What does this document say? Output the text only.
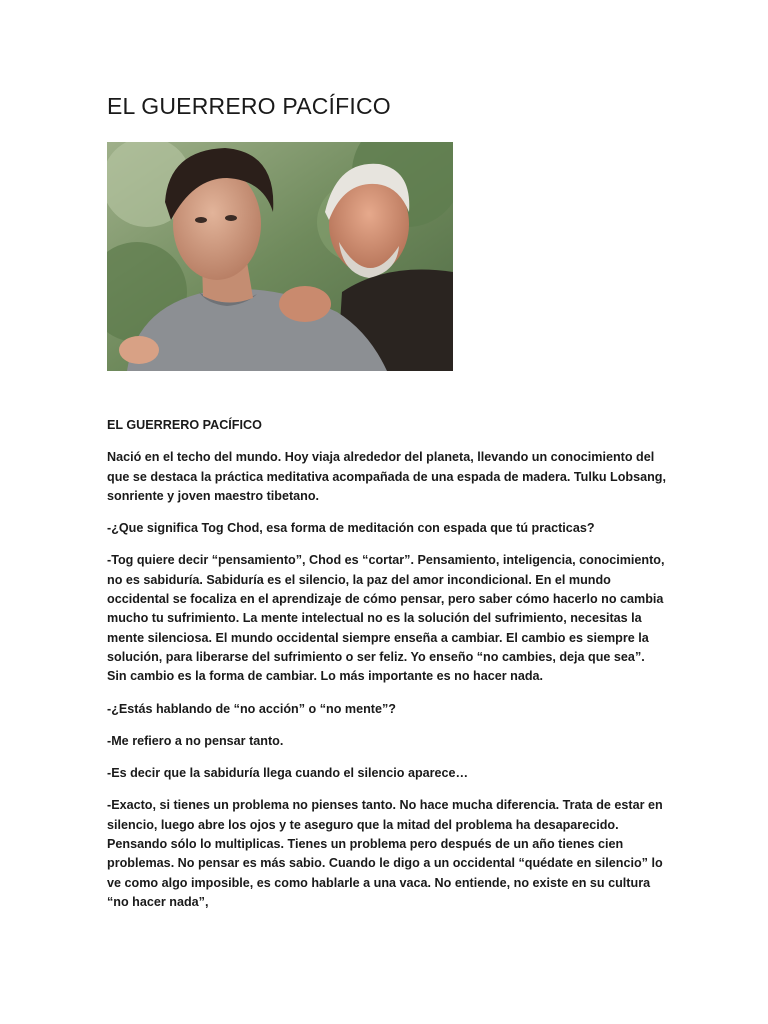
EL GUERRERO PACÍFICO

EL GUERRERO PACÍFICO

Nació en el techo del mundo. Hoy viaja alrededor del planeta, llevando un conocimiento del que se destaca la práctica meditativa acompañada de una espada de madera. Tulku Lobsang, sonriente y joven maestro tibetano.

-¿Que significa Tog Chod, esa forma de meditación con espada que tú practicas?

-Tog quiere decir “pensamiento”, Chod es “cortar”. Pensamiento, inteligencia, conocimiento, no es sabiduría. Sabiduría es el silencio, la paz del amor incondicional. En el mundo occidental se focaliza en el aprendizaje de cómo pensar, pero saber cómo hacerlo no cambia mucho tu sufrimiento. La mente intelectual no es la solución del sufrimiento, necesitas la mente silenciosa. El mundo occidental siempre enseña a cambiar. El cambio es siempre la solución, para liberarse del sufrimiento o ser feliz. Yo enseño “no cambies, deja que sea”. Sin cambio es la forma de cambiar. Lo más importante es no hacer nada.

-¿Estás hablando de “no acción” o “no mente”?

-Me refiero a no pensar tanto.

-Es decir que la sabiduría llega cuando el silencio aparece…

-Exacto, si tienes un problema no pienses tanto. No hace mucha diferencia. Trata de estar en silencio, luego abre los ojos y te aseguro que la mitad del problema ha desaparecido. Pensando sólo lo multiplicas. Tienes un problema pero después de un año tienes cien problemas. No pensar es más sabio. Cuando le digo a un occidental “quédate en silencio” lo ve como algo imposible, es como hablarle a una vaca. No entiende, no existe en su cultura “no hacer nada”,
